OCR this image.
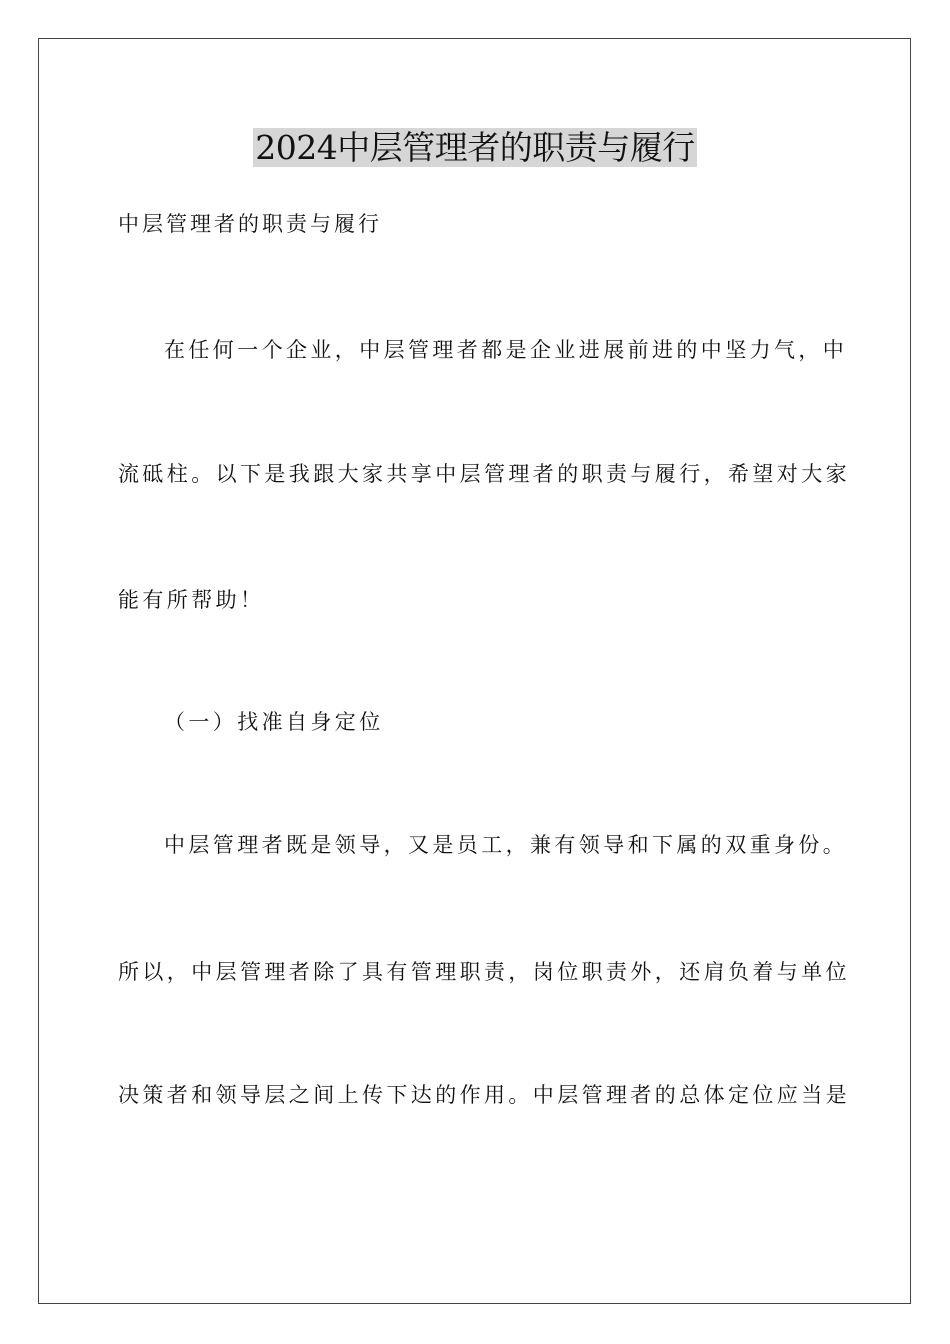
2024中层管理者的职责与履行
中层管理者的职责与履行
在任何一个企业，中层管理者都是企业进展前进的中坚力气，中
流砥柱。以下是我跟大家共享中层管理者的职责与履行，希望对大家
能有所帮助！
（一）找准自身定位
中层管理者既是领导，又是员工，兼有领导和下属的双重身份。
所以，中层管理者除了具有管理职责，岗位职责外，还肩负着与单位
决策者和领导层之间上传下达的作用。中层管理者的总体定位应当是
